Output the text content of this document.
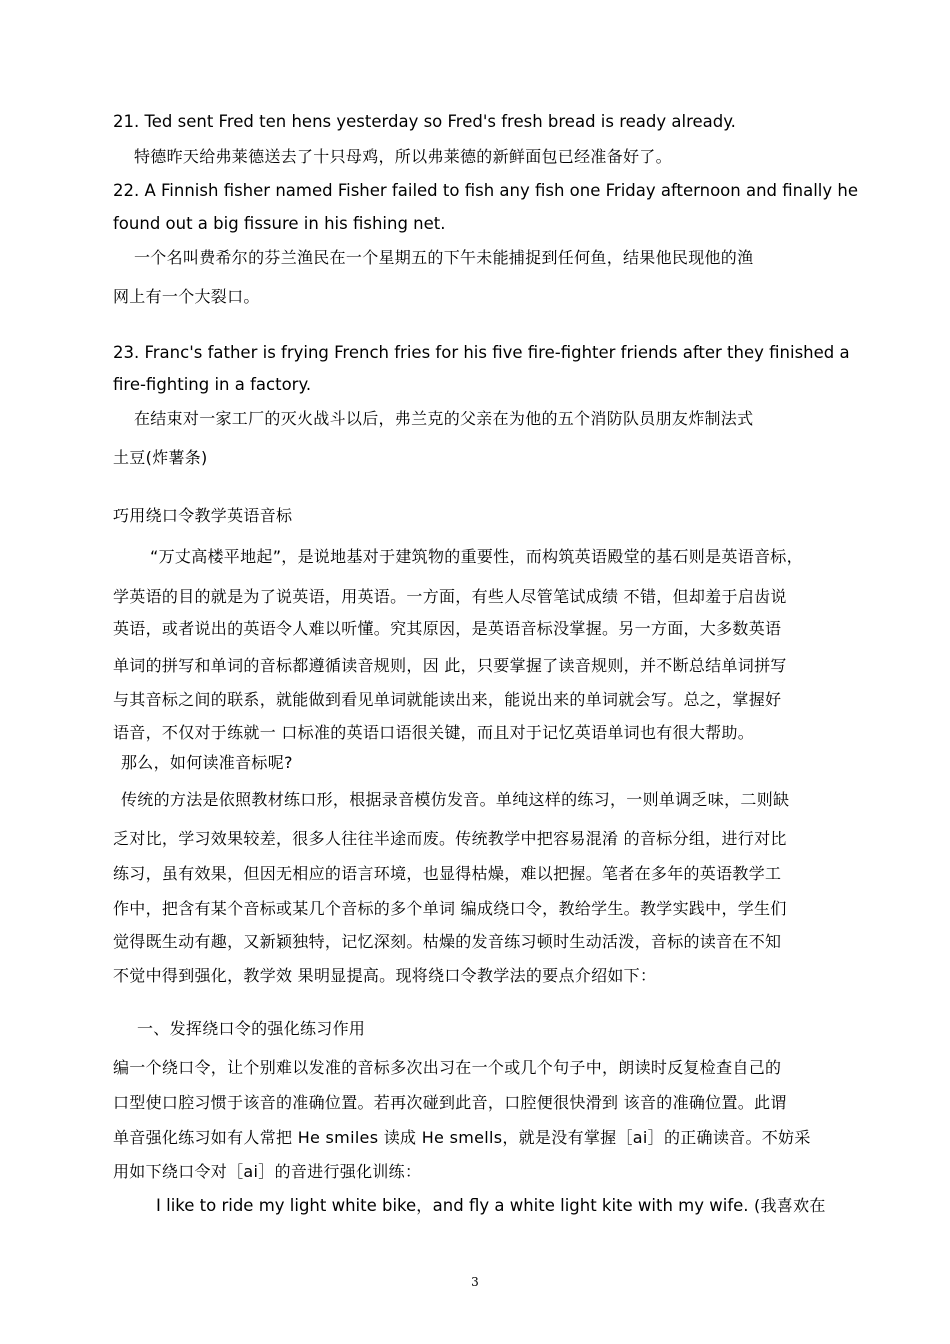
21. Ted sent Fred ten hens yesterday so Fred's fresh bread is ready already.
特德昨天给弗莱德送去了十只母鸡，所以弗莱德的新鲜面包已经准备好了。
22. A Finnish fisher named Fisher failed to fish any fish one Friday afternoon and finally he
found out a big fissure in his fishing net.
一个名叫费希尔的芬兰渔民在一个星期五的下午未能捕捉到任何鱼，结果他民现他的渔
网上有一个大裂口。
23. Franc's father is frying French fries for his five fire-fighter friends after they finished a
fire-fighting in a factory.
在结束对一家工厂的灭火战斗以后，弗兰克的父亲在为他的五个消防队员朋友炸制法式
土豆(炸薯条)
巧用绕口令教学英语音标
“万丈高楼平地起”，是说地基对于建筑物的重要性，而构筑英语殿堂的基石则是英语音标，
学英语的目的就是为了说英语，用英语。一方面，有些人尽管笔试成绩 不错，但却羞于启齿说
英语，或者说出的英语令人难以听懂。究其原因，是英语音标没掌握。另一方面，大多数英语
单词的拼写和单词的音标都遵循读音规则，因 此，只要掌握了读音规则，并不断总结单词拼写
与其音标之间的联系，就能做到看见单词就能读出来，能说出来的单词就会写。总之，掌握好
语音，不仅对于练就一 口标准的英语口语很关键，而且对于记忆英语单词也有很大帮助。
那么，如何读准音标呢?
传统的方法是依照教材练口形，根据录音模仿发音。单纯这样的练习，一则单调乏味，二则缺
乏对比，学习效果较差，很多人往往半途而废。传统教学中把容易混淆 的音标分组，进行对比
练习，虽有效果，但因无相应的语言环境，也显得枯燥，难以把握。笔者在多年的英语教学工
作中，把含有某个音标或某几个音标的多个单词 编成绕口令，教给学生。教学实践中，学生们
觉得既生动有趣，又新颖独特，记忆深刻。枯燥的发音练习顿时生动活泼，音标的读音在不知
不觉中得到强化，教学效 果明显提高。现将绕口令教学法的要点介绍如下：
一、发挥绕口令的强化练习作用
编一个绕口令，让个别难以发准的音标多次出习在一个或几个句子中，朗读时反复检查自己的
口型使口腔习惯于该音的准确位置。若再次碰到此音，口腔便很快滑到 该音的准确位置。此谓
单音强化练习如有人常把 He smiles 读成 He smells，就是没有掌握［ai］的正确读音。不妨采
用如下绕口令对［ai］的音进行强化训练：
I like to ride my light white bike，and fly a white light kite with my wife. (我喜欢在
3
